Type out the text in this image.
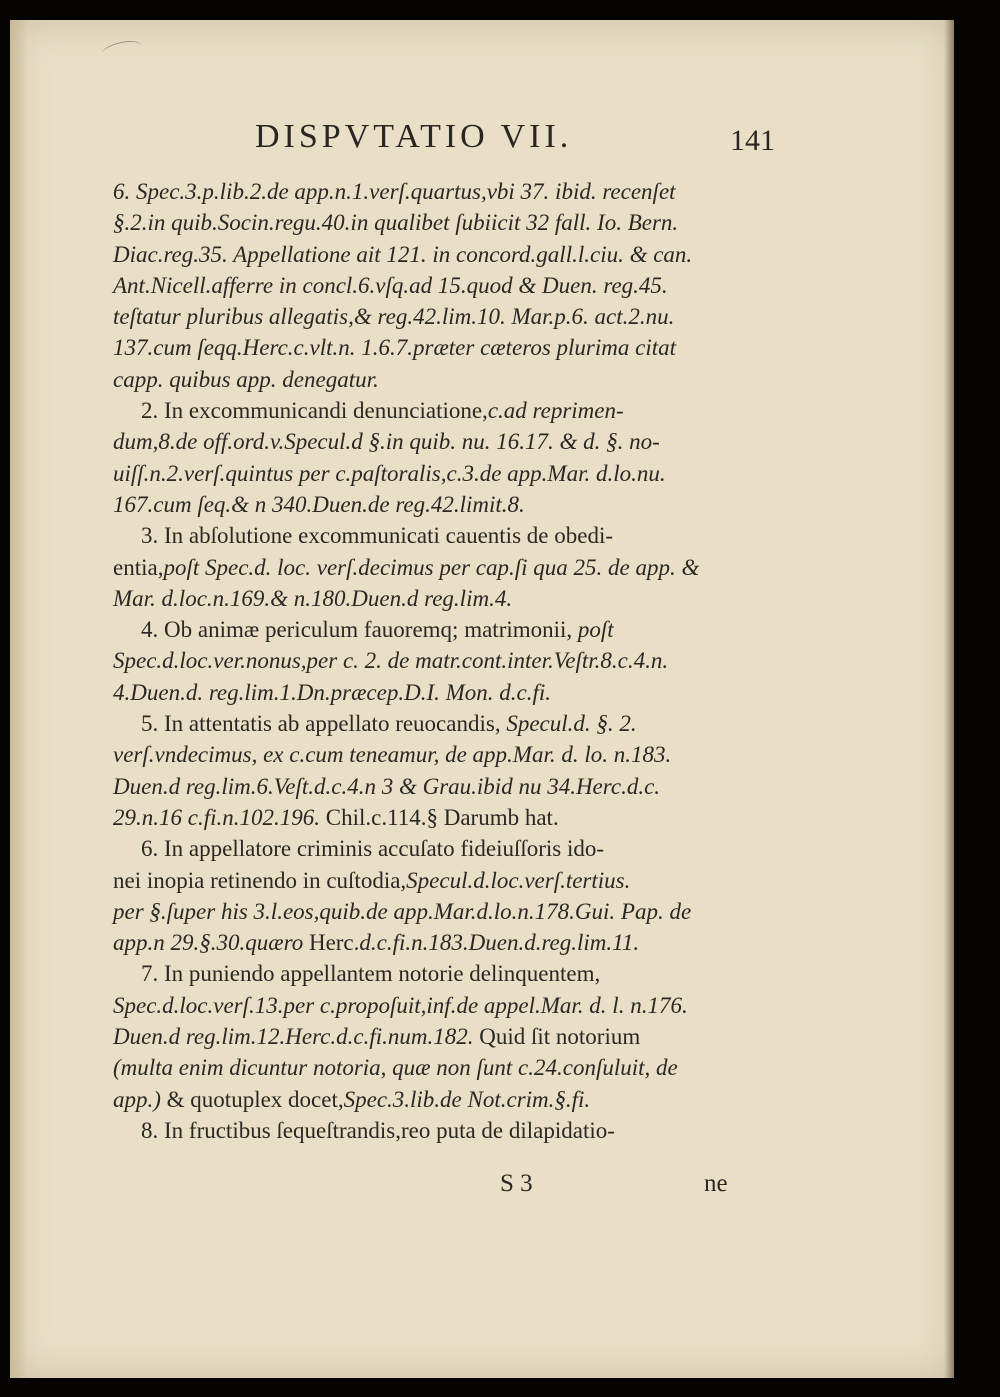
DISPVTATIO VII.	141
6. Spec.3.p.lib.2.de app.n.1.verſ.quartus,vbi 37. ibid. recenſet
§.2.in quib.Socin.regu.40.in qualibet ſubiicit 32 fall. Io. Bern.
Diac.reg.35. Appellatione ait 121. in concord.gall.l.ciu. & can.
Ant.Nicell.afferre in concl.6.vſq.ad 15.quod & Duen. reg.45.
teſtatur pluribus allegatis,& reg.42.lim.10. Mar.p.6. act.2.nu.
137.cum ſeqq.Herc.c.vlt.n. 1.6.7.præter cæteros plurima citat
capp. quibus app. denegatur.
2. In excommunicandi denunciatione,c.ad reprimen-
dum,8.de off.ord.v.Specul.d §.in quib. nu. 16.17. & d. §. no-
uiſſ.n.2.verſ.quintus per c.paſtoralis,c.3.de app.Mar. d.lo.nu.
167.cum ſeq.& n 340.Duen.de reg.42.limit.8.
3. In abſolutione excommunicati cauentis de obedi-
entia,poſt Spec.d. loc. verſ.decimus per cap.ſi qua 25. de app. &
Mar. d.loc.n.169.& n.180.Duen.d reg.lim.4.
4. Ob animæ periculum fauoremq; matrimonii, poſt
Spec.d.loc.ver.nonus,per c. 2. de matr.cont.inter.Veſtr.8.c.4.n.
4.Duen.d. reg.lim.1.Dn.præcep.D.I. Mon. d.c.fi.
5. In attentatis ab appellato reuocandis, Specul.d. §. 2.
verſ.vndecimus, ex c.cum teneamur, de app.Mar. d. lo. n.183.
Duen.d reg.lim.6.Veſt.d.c.4.n 3 & Grau.ibid nu 34.Herc.d.c.
29.n.16 c.fi.n.102.196. Chil.c.114.§ Darumb hat.
6. In appellatore criminis accuſato fideiuſſoris ido-
nei inopia retinendo in cuſtodia,Specul.d.loc.verſ.tertius.
per §.ſuper his 3.l.eos,quib.de app.Mar.d.lo.n.178.Gui. Pap. de
app.n 29.§.30.quæro Herc.d.c.fi.n.183.Duen.d.reg.lim.11.
7. In puniendo appellantem notorie delinquentem,
Spec.d.loc.verſ.13.per c.propoſuit,inf.de appel.Mar. d. l. n.176.
Duen.d reg.lim.12.Herc.d.c.fi.num.182. Quid ſit notorium
(multa enim dicuntur notoria, quæ non ſunt c.24.conſuluit, de
app.) & quotuplex docet,Spec.3.lib.de Not.crim.§.fi.
8. In fructibus ſequeſtrandis,reo puta de dilapidatio-
S 3	ne
